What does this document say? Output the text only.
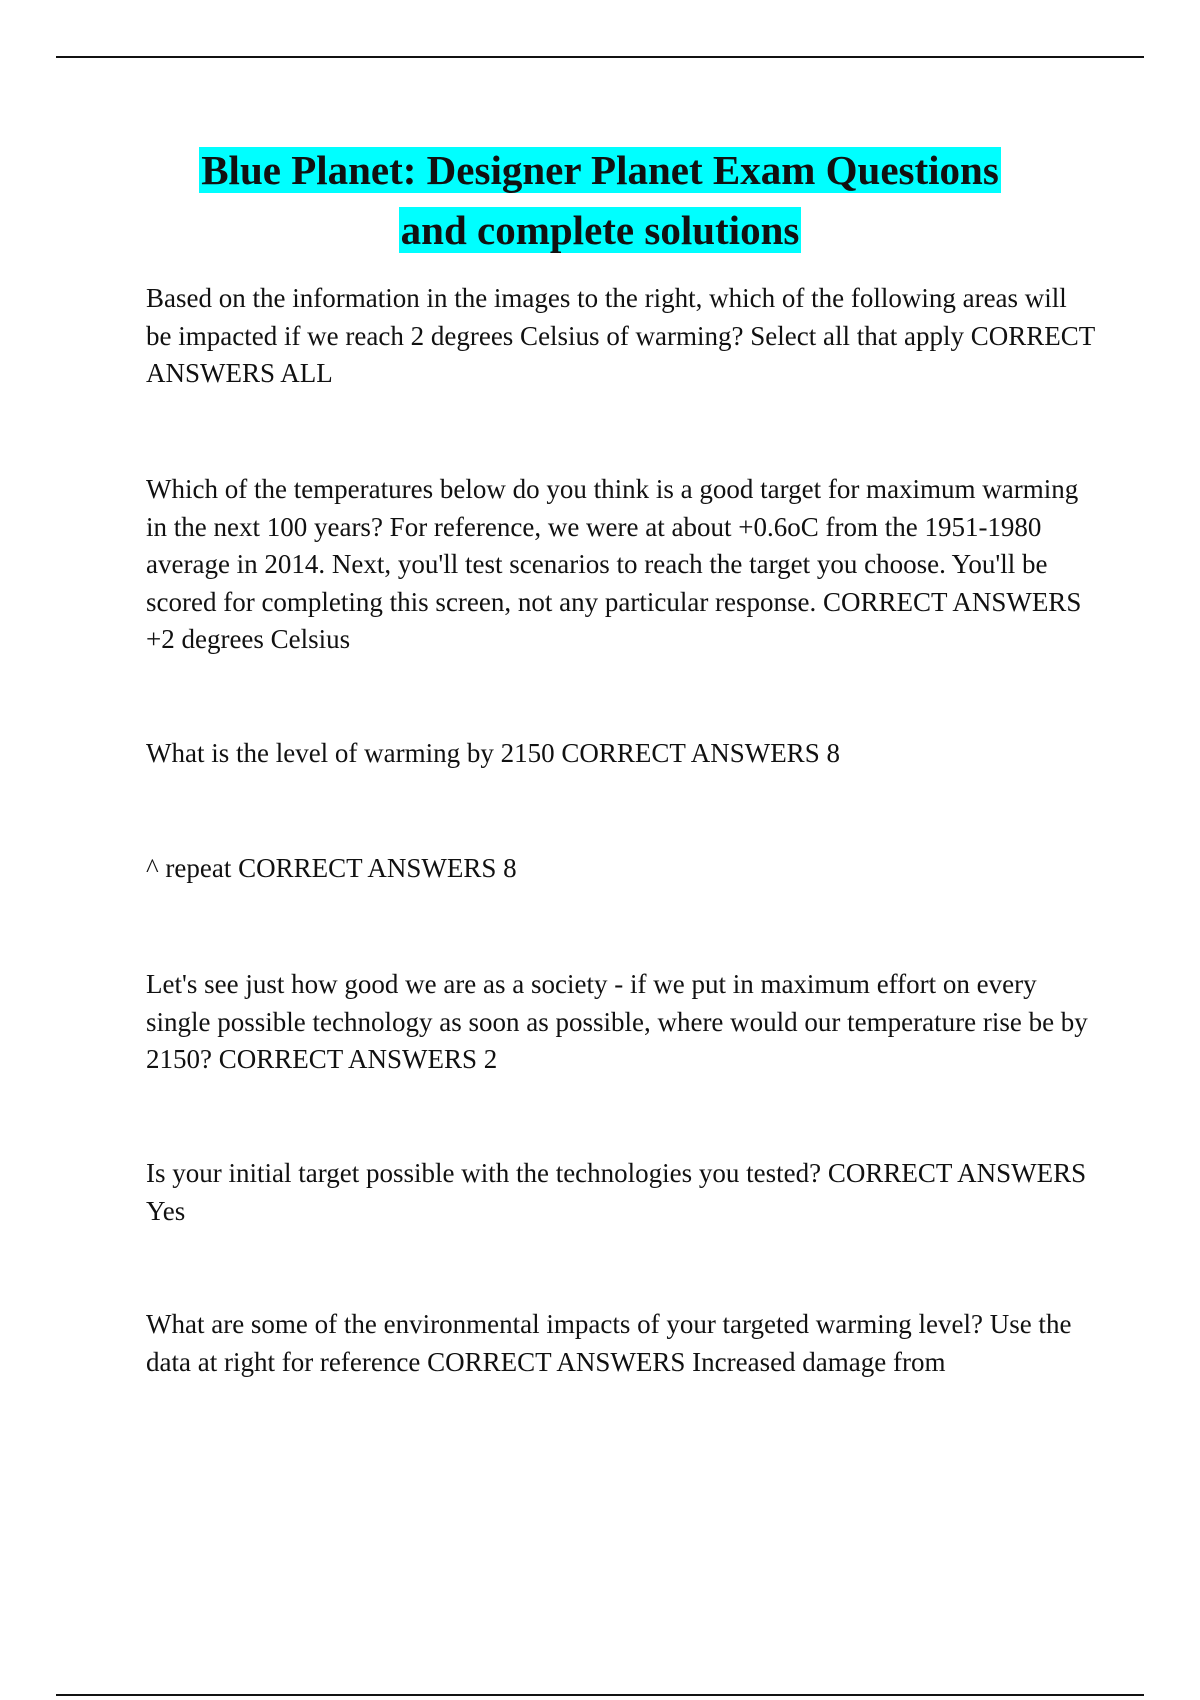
Blue Planet: Designer Planet Exam Questions
and complete solutions

Based on the information in the images to the right, which of the following areas will be impacted if we reach 2 degrees Celsius of warming? Select all that apply CORRECT ANSWERS ALL

Which of the temperatures below do you think is a good target for maximum warming in the next 100 years? For reference, we were at about +0.6oC from the 1951-1980 average in 2014. Next, you'll test scenarios to reach the target you choose. You'll be scored for completing this screen, not any particular response. CORRECT ANSWERS +2 degrees Celsius

What is the level of warming by 2150 CORRECT ANSWERS 8

^ repeat CORRECT ANSWERS 8

Let's see just how good we are as a society - if we put in maximum effort on every single possible technology as soon as possible, where would our temperature rise be by 2150? CORRECT ANSWERS 2

Is your initial target possible with the technologies you tested? CORRECT ANSWERS Yes

What are some of the environmental impacts of your targeted warming level? Use the data at right for reference CORRECT ANSWERS Increased damage from
